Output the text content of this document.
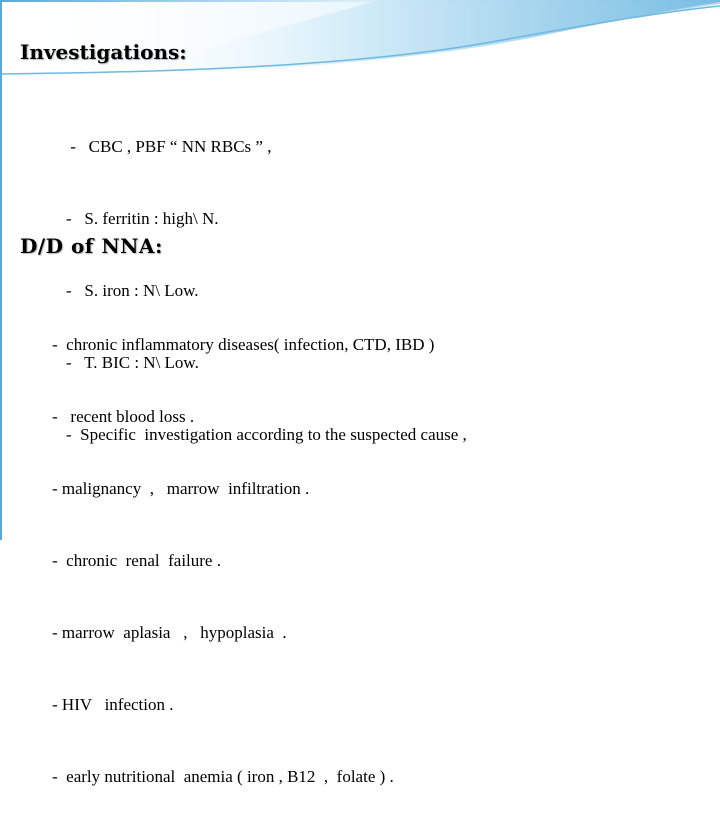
Investigations:

-   CBC , PBF “ NN RBCs ” ,

-   S. ferritin : high\ N.

-   S. iron : N\ Low.

-   T. BIC : N\ Low.

-  Specific  investigation according to the suspected cause ,

D/D of NNA:

-  chronic inflammatory diseases( infection, CTD, IBD )

-   recent blood loss .

- malignancy  ,   marrow  infiltration .

-  chronic  renal  failure .

- marrow  aplasia   ,   hypoplasia  .

- HIV   infection .

-  early nutritional  anemia ( iron , B12  ,  folate ) .
